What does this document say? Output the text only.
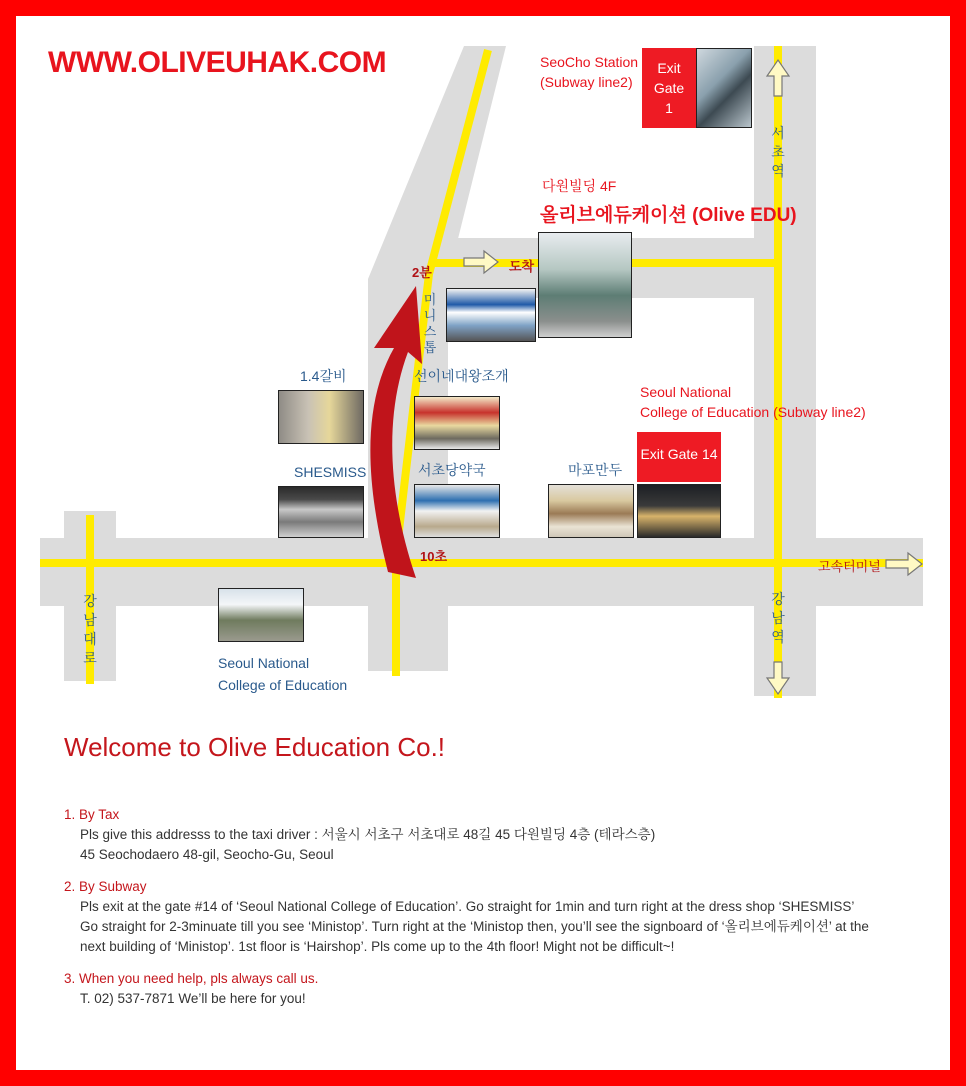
WWW.OLIVEUHAK.COM	SeoCho Station
(Subway line2)
Exit
Gate
1
서초역
강남역
강남대로
다원빌딩 4F
올리브에듀케이션 (Olive EDU)
도착
2분
미니스톱
1.4갈비	선이네대왕조개
Seoul National
College of Education (Subway line2)
Exit Gate 14
SHESMISS	서초당약국	마포만두
10초
고속터미널
Seoul National
College of Education
Welcome to Olive Education Co.!
1. By Tax
Pls give this addresss to the taxi driver : 서울시 서초구 서초대로 48길 45 다원빌딩 4층 (테라스층)
45 Seochodaero 48-gil, Seocho-Gu, Seoul
2. By Subway
Pls exit at the gate #14 of ‘Seoul National College of Education’. Go straight for 1min and turn right at the dress shop ‘SHESMISS’
Go straight for 2-3minuate till you see ‘Ministop’. Turn right at the ‘Ministop then, you’ll see the signboard of ‘올리브에듀케이션’ at the
next building of ‘Ministop’. 1st floor is ‘Hairshop’. Pls come up to the 4th floor! Might not be difficult~!
3. When you need help, pls always call us.
T. 02) 537-7871 We’ll be here for you!
